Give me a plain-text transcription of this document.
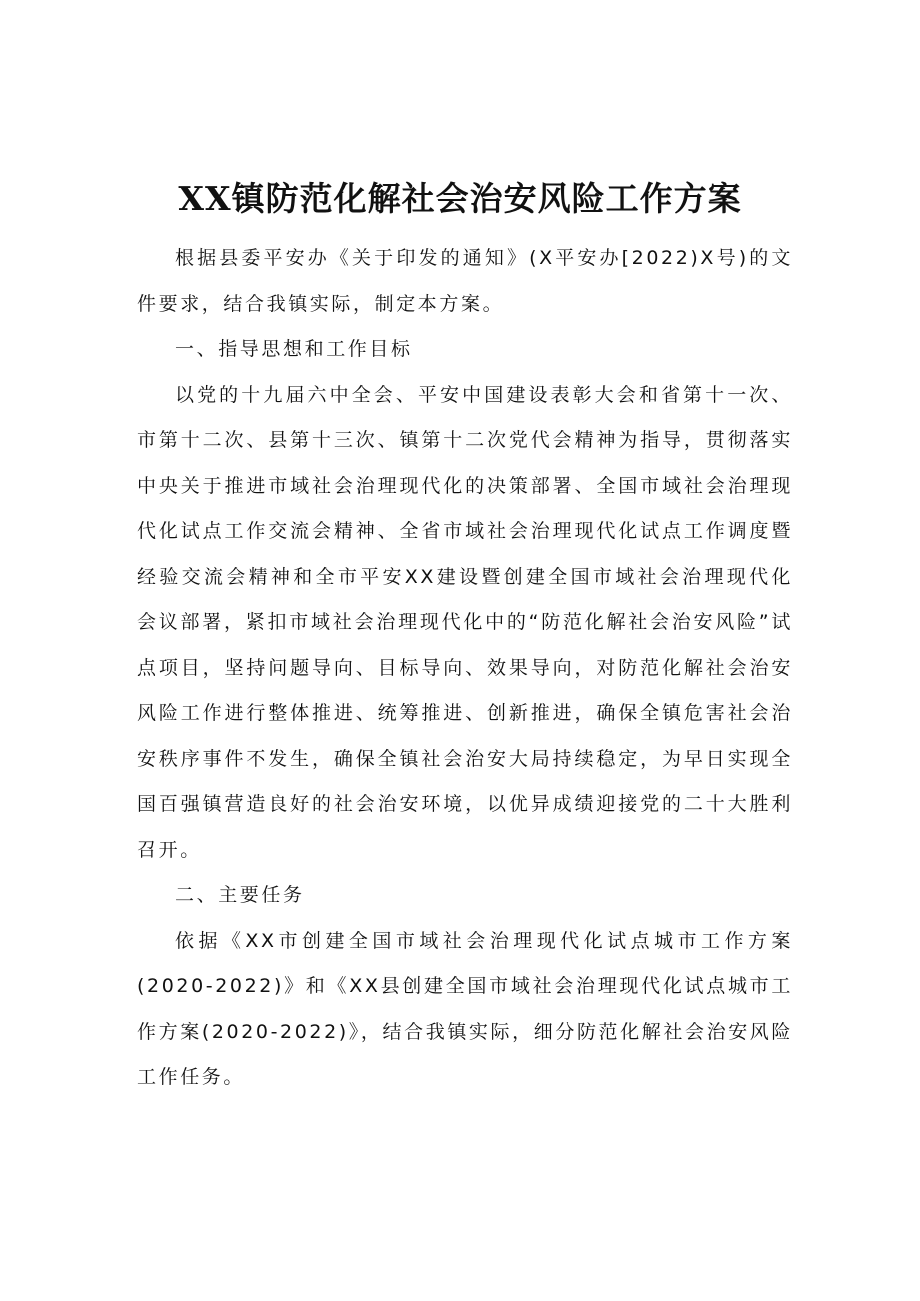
XX镇防范化解社会治安风险工作方案

根据县委平安办《关于印发的通知》(X平安办[2022)X号)的文件要求，结合我镇实际，制定本方案。

一、指导思想和工作目标

以党的十九届六中全会、平安中国建设表彰大会和省第十一次、市第十二次、县第十三次、镇第十二次党代会精神为指导，贯彻落实中央关于推进市域社会治理现代化的决策部署、全国市域社会治理现代化试点工作交流会精神、全省市域社会治理现代化试点工作调度暨经验交流会精神和全市平安XX建设暨创建全国市域社会治理现代化会议部署，紧扣市域社会治理现代化中的“防范化解社会治安风险”试点项目，坚持问题导向、目标导向、效果导向，对防范化解社会治安风险工作进行整体推进、统筹推进、创新推进，确保全镇危害社会治安秩序事件不发生，确保全镇社会治安大局持续稳定，为早日实现全国百强镇营造良好的社会治安环境，以优异成绩迎接党的二十大胜利召开。

二、主要任务

依据《XX市创建全国市域社会治理现代化试点城市工作方案(2020-2022)》和《XX县创建全国市域社会治理现代化试点城市工作方案(2020-2022)》，结合我镇实际，细分防范化解社会治安风险工作任务。
